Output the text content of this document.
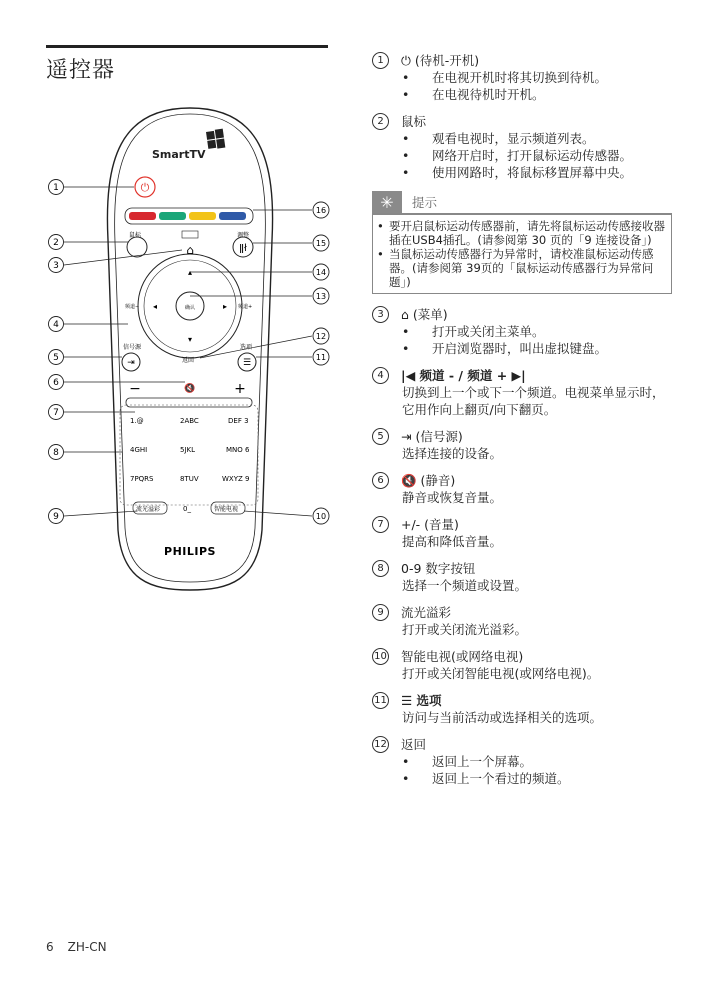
遥控器
SmartTV
⏻
鼠标	调整
ǁł
⌂
确认
▴
▾
◂	▸
频道−	频道+
返回
信号源
⇥
选项
☰
−	🔇	+
1.@	2ABC	DEF 3
4GHI	5JKL	MNO 6
7PQRS	8TUV	WXYZ 9
流光溢彩	0_	智能电视
PHILIPS
1
2
3
4
5
6
7
8
9	10
11
12
13
14
15
16
1	⏻
(待机-开机)
•	在电视开机时将其切换到待机。
•	在电视待机时开机。
2	鼠标
•	观看电视时，显示频道列表。
•	网络开启时，打开鼠标运动传感器。
•	使用网路时，将鼠标移置屏幕中央。
✳	提示
• 要开启鼠标运动传感器前，请先将鼠标运动传感接收器插在USB4插孔。(请参阅第 30 页的「9 连接设备」)
• 当鼠标运动传感器行为异常时，请校准鼠标运动传感器。(请参阅第 39页的「鼠标运动传感器行为异常问题」)
3	⌂
(菜单)
•	打开或关闭主菜单。
•	开启浏览器时，叫出虚拟键盘。
4	|◀ 频道 - / 频道 + ▶|
切换到上一个或下一个频道。电视菜单显示时，它用作向上翻页/向下翻页。
5	⇥ (信号源)
选择连接的设备。
6	🔇 (静音)
静音或恢复音量。
7	+/- (音量)
提高和降低音量。
8	0-9 数字按钮
选择一个频道或设置。
9	流光溢彩
打开或关闭流光溢彩。
10 智能电视(或网络电视)
打开或关闭智能电视(或网络电视)。
11 ☰ 选项
访问与当前活动或选择相关的选项。
12 返回
•	返回上一个屏幕。
•	返回上一个看过的频道。
6 ZH-CN
